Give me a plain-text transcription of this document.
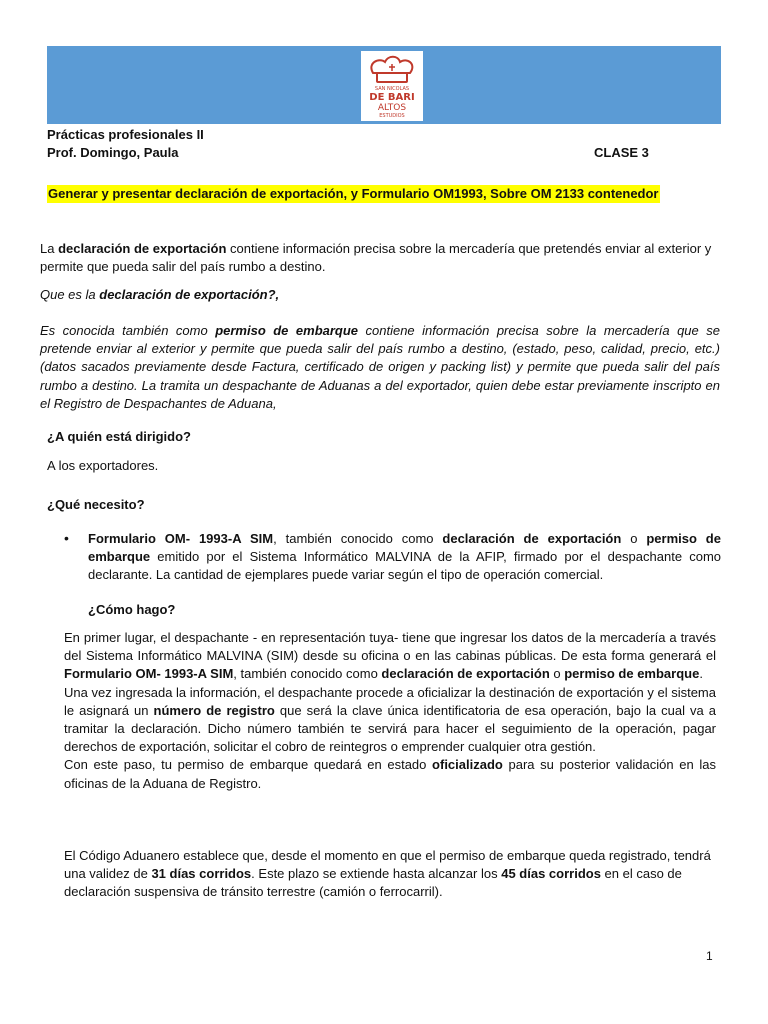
SAN NICOLAS
DE BARI
ALTOS
ESTUDIOS
Prácticas profesionales II
Prof. Domingo, Paula	CLASE 3
Generar y presentar declaración de exportación, y Formulario OM1993, Sobre OM 2133 contenedor
La declaración de exportación contiene información precisa sobre la mercadería que pretendés enviar al exterior y permite que pueda salir del país rumbo a destino.
Que es la declaración de exportación?,
Es conocida también como permiso de embarque contiene información precisa sobre la mercadería que se pretende enviar al exterior y permite que pueda salir del país rumbo a destino, (estado, peso, calidad, precio, etc.) (datos sacados previamente desde Factura, certificado de origen y packing list) y permite que pueda salir del país rumbo a destino. La tramita un despachante de Aduanas a del exportador, quien debe estar previamente inscripto en el Registro de Despachantes de Aduana,
¿A quién está dirigido?
A los exportadores.
¿Qué necesito?
• Formulario OM- 1993-A SIM, también conocido como declaración de exportación o permiso de embarque emitido por el Sistema Informático MALVINA de la AFIP, firmado por el despachante como declarante. La cantidad de ejemplares puede variar según el tipo de operación comercial.
¿Cómo hago?
En primer lugar, el despachante - en representación tuya- tiene que ingresar los datos de la mercadería a través del Sistema Informático MALVINA (SIM) desde su oficina o en las cabinas públicas. De esta forma generará el Formulario OM- 1993-A SIM, también conocido como declaración de exportación o permiso de embarque.
Una vez ingresada la información, el despachante procede a oficializar la destinación de exportación y el sistema le asignará un número de registro que será la clave única identificatoria de esa operación, bajo la cual va a tramitar la declaración. Dicho número también te servirá para hacer el seguimiento de la operación, pagar derechos de exportación, solicitar el cobro de reintegros o emprender cualquier otra gestión.
Con este paso, tu permiso de embarque quedará en estado oficializado para su posterior validación en las oficinas de la Aduana de Registro.
El Código Aduanero establece que, desde el momento en que el permiso de embarque queda registrado, tendrá una validez de 31 días corridos. Este plazo se extiende hasta alcanzar los 45 días corridos en el caso de declaración suspensiva de tránsito terrestre (camión o ferrocarril).
1
